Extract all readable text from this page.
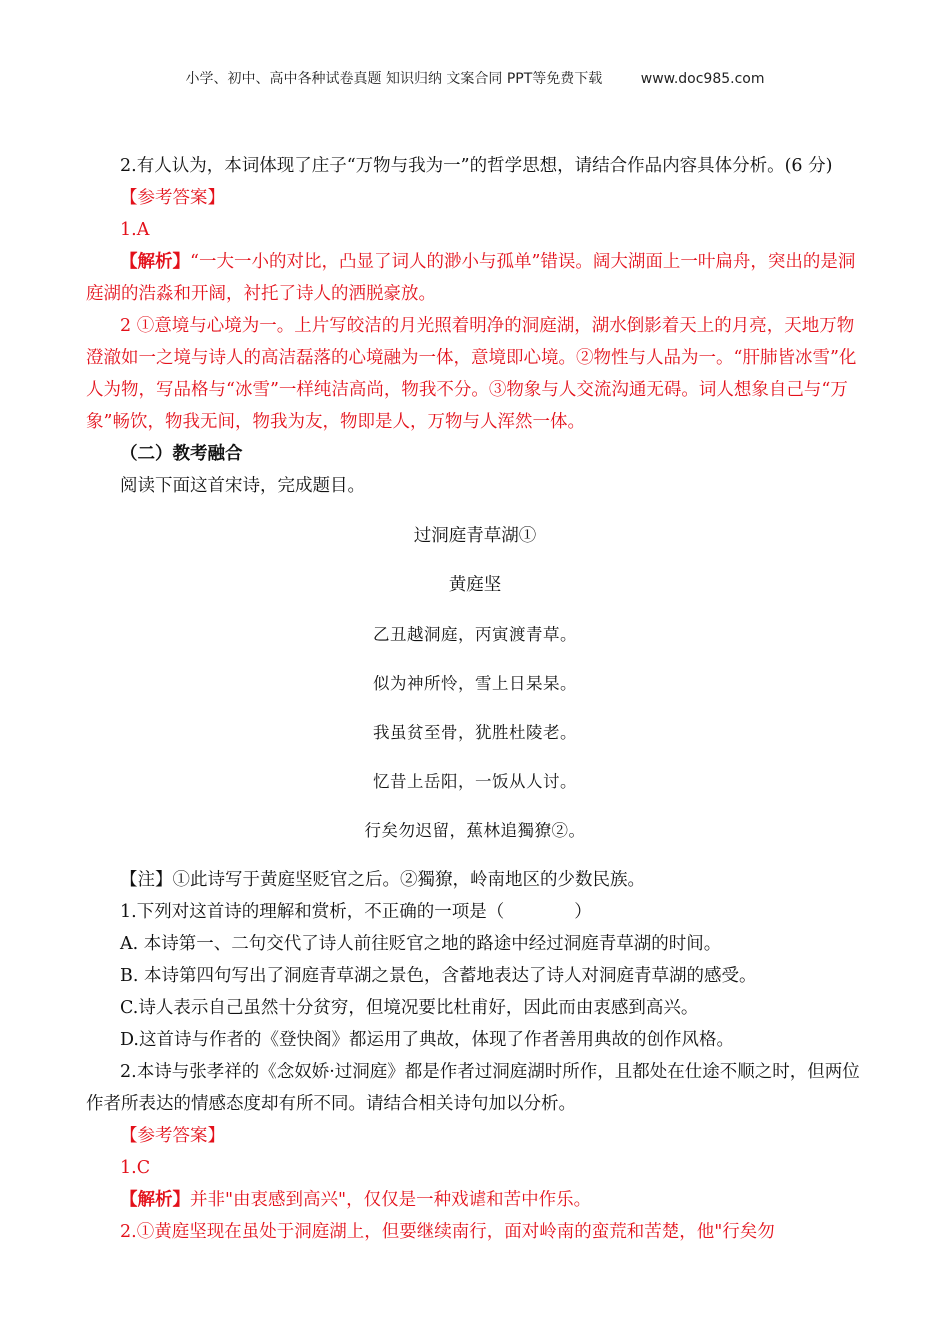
小学、初中、高中各种试卷真题 知识归纳 文案合同 PPT等免费下载	www.doc985.com

2.有人认为，本词体现了庄子“万物与我为一”的哲学思想，请结合作品内容具体分析。(6 分)

【参考答案】

1.A

【解析】“一大一小的对比，凸显了词人的渺小与孤单”错误。阔大湖面上一叶扁舟，突出的是洞庭湖的浩淼和开阔，衬托了诗人的洒脱豪放。

2 ①意境与心境为一。上片写皎洁的月光照着明净的洞庭湖，湖水倒影着天上的月亮，天地万物澄澈如一之境与诗人的高洁磊落的心境融为一体，意境即心境。②物性与人品为一。“肝肺皆冰雪”化人为物，写品格与“冰雪”一样纯洁高尚，物我不分。③物象与人交流沟通无碍。词人想象自己与“万象”畅饮，物我无间，物我为友，物即是人，万物与人浑然一体。

（二）教考融合

阅读下面这首宋诗，完成题目。

过洞庭青草湖①

黄庭坚

乙丑越洞庭，丙寅渡青草。

似为神所怜，雪上日杲杲。

我虽贫至骨，犹胜杜陵老。

忆昔上岳阳，一饭从人讨。

行矣勿迟留，蕉林追獨獠②。

【注】①此诗写于黄庭坚贬官之后。②獨獠，岭南地区的少数民族。

1.下列对这首诗的理解和赏析，不正确的一项是（	）

A. 本诗第一、二句交代了诗人前往贬官之地的路途中经过洞庭青草湖的时间。

B. 本诗第四句写出了洞庭青草湖之景色，含蓄地表达了诗人对洞庭青草湖的感受。

C.诗人表示自己虽然十分贫穷，但境况要比杜甫好，因此而由衷感到高兴。

D.这首诗与作者的《登快阁》都运用了典故，体现了作者善用典故的创作风格。

2.本诗与张孝祥的《念奴娇·过洞庭》都是作者过洞庭湖时所作，且都处在仕途不顺之时，但两位作者所表达的情感态度却有所不同。请结合相关诗句加以分析。

【参考答案】

1.C

【解析】并非"由衷感到高兴"，仅仅是一种戏谑和苦中作乐。

2.①黄庭坚现在虽处于洞庭湖上，但要继续南行，面对岭南的蛮荒和苦楚，他"行矣勿
